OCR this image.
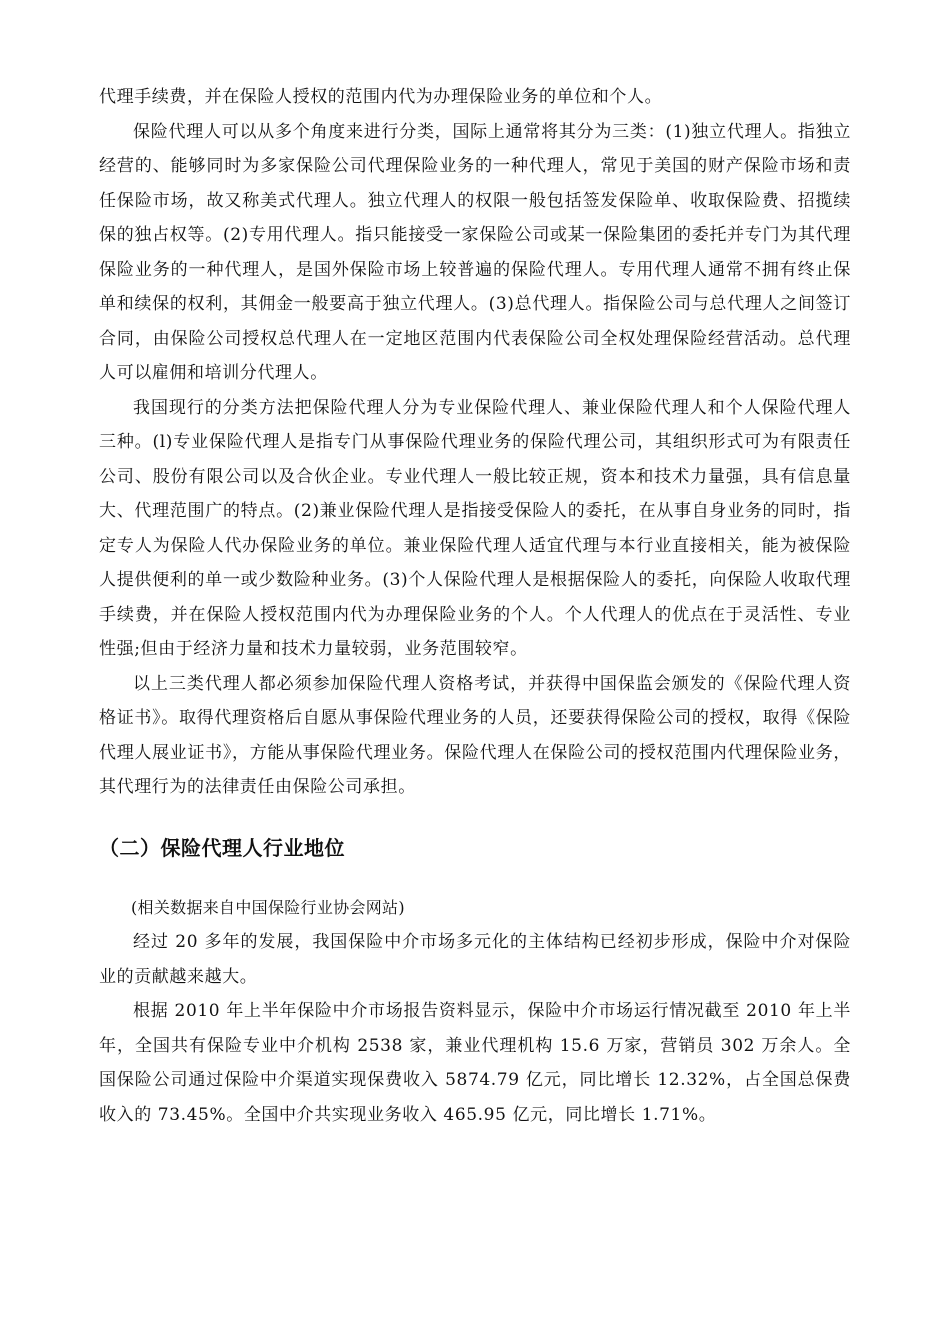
代理手续费，并在保险人授权的范围内代为办理保险业务的单位和个人。

保险代理人可以从多个角度来进行分类，国际上通常将其分为三类：(1)独立代理人。指独立经营的、能够同时为多家保险公司代理保险业务的一种代理人，常见于美国的财产保险市场和责任保险市场，故又称美式代理人。独立代理人的权限一般包括签发保险单、收取保险费、招揽续保的独占权等。(2)专用代理人。指只能接受一家保险公司或某一保险集团的委托并专门为其代理保险业务的一种代理人，是国外保险市场上较普遍的保险代理人。专用代理人通常不拥有终止保单和续保的权利，其佣金一般要高于独立代理人。(3)总代理人。指保险公司与总代理人之间签订合同，由保险公司授权总代理人在一定地区范围内代表保险公司全权处理保险经营活动。总代理人可以雇佣和培训分代理人。

我国现行的分类方法把保险代理人分为专业保险代理人、兼业保险代理人和个人保险代理人三种。(l)专业保险代理人是指专门从事保险代理业务的保险代理公司，其组织形式可为有限责任公司、股份有限公司以及合伙企业。专业代理人一般比较正规，资本和技术力量强，具有信息量大、代理范围广的特点。(2)兼业保险代理人是指接受保险人的委托，在从事自身业务的同时，指定专人为保险人代办保险业务的单位。兼业保险代理人适宜代理与本行业直接相关，能为被保险人提供便利的单一或少数险种业务。(3)个人保险代理人是根据保险人的委托，向保险人收取代理手续费，并在保险人授权范围内代为办理保险业务的个人。个人代理人的优点在于灵活性、专业性强;但由于经济力量和技术力量较弱，业务范围较窄。

以上三类代理人都必须参加保险代理人资格考试，并获得中国保监会颁发的《保险代理人资格证书》。取得代理资格后自愿从事保险代理业务的人员，还要获得保险公司的授权，取得《保险代理人展业证书》，方能从事保险代理业务。保险代理人在保险公司的授权范围内代理保险业务，其代理行为的法律责任由保险公司承担。

（二）保险代理人行业地位

(相关数据来自中国保险行业协会网站)

经过 20 多年的发展，我国保险中介市场多元化的主体结构已经初步形成，保险中介对保险业的贡献越来越大。

根据 2010 年上半年保险中介市场报告资料显示，保险中介市场运行情况截至 2010 年上半年，全国共有保险专业中介机构 2538 家，兼业代理机构 15.6 万家，营销员 302 万余人。全国保险公司通过保险中介渠道实现保费收入 5874.79 亿元，同比增长 12.32%，占全国总保费收入的 73.45%。全国中介共实现业务收入 465.95 亿元，同比增长 1.71%。
